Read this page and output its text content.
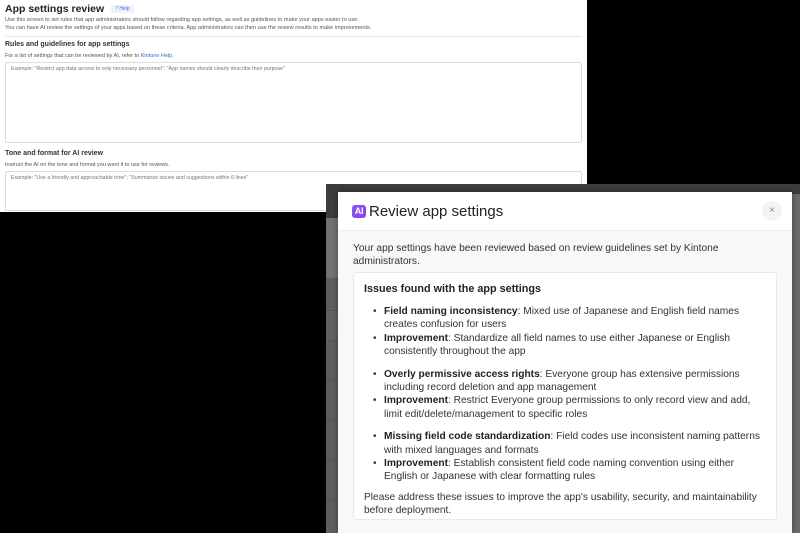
App settings review	? Help
Use this screen to set rules that app administrators should follow regarding app settings, as well as guidelines to make your apps easier to use.
You can have AI review the settings of your apps based on these criteria. App administrators can then use the review results to make improvements.
Rules and guidelines for app settings
For a list of settings that can be reviewed by AI, refer to Kintone Help.
Example: "Restrict app data access to only necessary personnel"; "App names should clearly describe their purpose"
Tone and format for AI review
Instruct the AI on the tone and format you want it to use for reviews.
Example: "Use a friendly and approachable tone"; "Summarize issues and suggestions within 6 lines"
AI Review app settings	×
Your app settings have been reviewed based on review guidelines set by Kintone administrators.
Issues found with the app settings
• Field naming inconsistency: Mixed use of Japanese and English field names creates confusion for users
• Improvement: Standardize all field names to use either Japanese or English consistently throughout the app
• Overly permissive access rights: Everyone group has extensive permissions including record deletion and app management
• Improvement: Restrict Everyone group permissions to only record view and add, limit edit/delete/management to specific roles
• Missing field code standardization: Field codes use inconsistent naming patterns with mixed languages and formats
• Improvement: Establish consistent field code naming convention using either English or Japanese with clear formatting rules
Please address these issues to improve the app's usability, security, and maintainability before deployment.
